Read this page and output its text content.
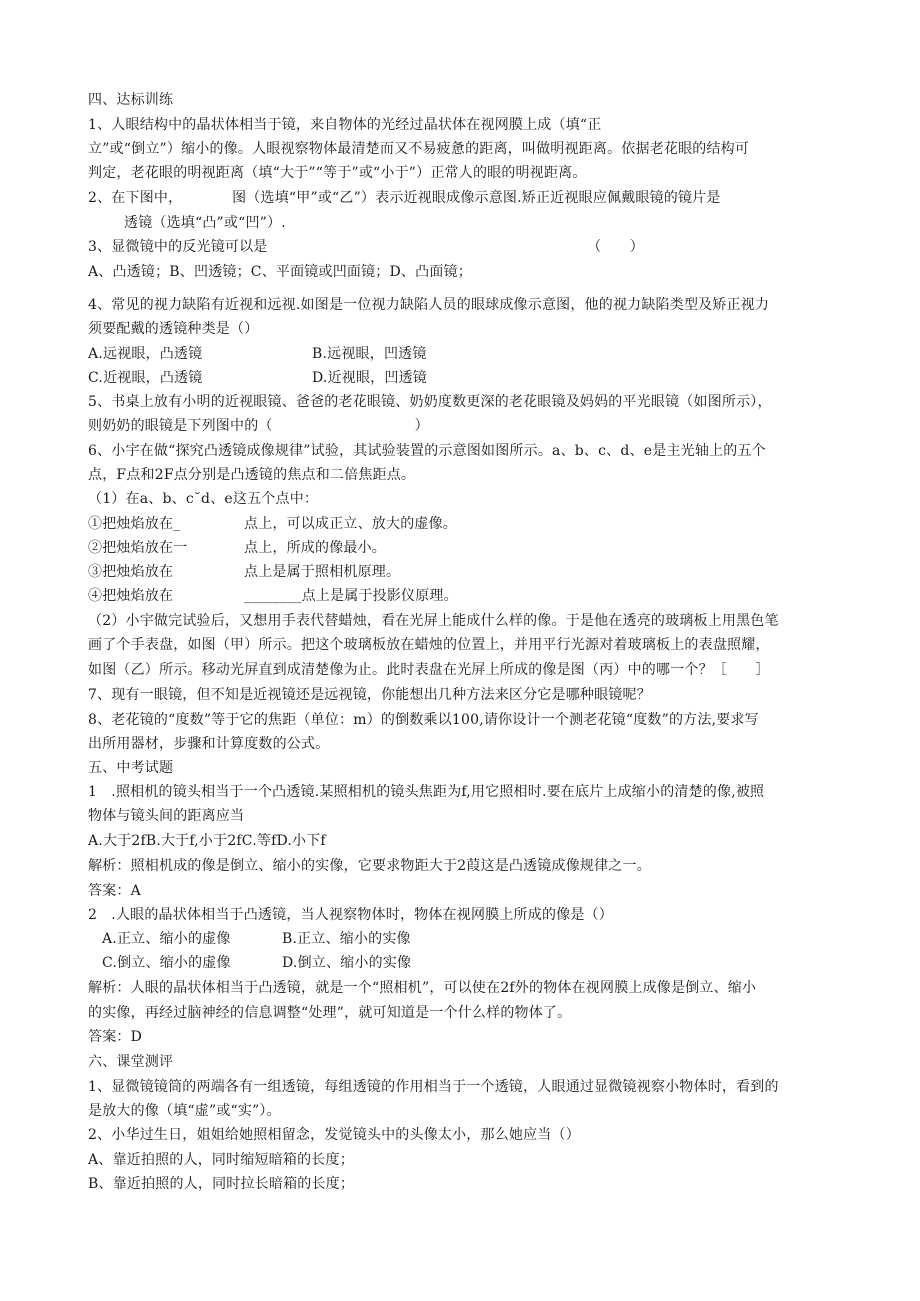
四、达标训练
1、人眼结构中的晶状体相当于镜，来自物体的光经过晶状体在视网膜上成（填“正
立”或“倒立”）缩小的像。人眼视察物体最清楚而又不易疲惫的距离，叫做明视距离。依据老花眼的结构可
判定，老花眼的明视距离（填“大于”“等于”或“小于”）正常人的眼的明视距离。
2、在下图中，　　　　图（选填“甲”或“乙”）表示近视眼成像示意图.矫正近视眼应佩戴眼镜的镜片是
透镜（选填“凸”或“凹”）.
3、显微镜中的反光镜可以是　　　　　　　　　　　　　　　　　　　　　　　（　　）
A、凸透镜；B、凹透镜；C、平面镜或凹面镜；D、凸面镜；
4、常见的视力缺陷有近视和远视.如图是一位视力缺陷人员的眼球成像示意图，他的视力缺陷类型及矫正视力
须要配戴的透镜种类是（）
A.远视眼，凸透镜	B.远视眼，凹透镜
C.近视眼，凸透镜	D.近视眼，凹透镜
5、书桌上放有小明的近视眼镜、爸爸的老花眼镜、奶奶度数更深的老花眼镜及妈妈的平光眼镜（如图所示），
则奶奶的眼镜是下列图中的（　　　　　　　　　　）
6、小宇在做“探究凸透镜成像规律”试验，其试验装置的示意图如图所示。a、b、c、d、e是主光轴上的五个
点，F点和2F点分别是凸透镜的焦点和二倍焦距点。
（1）在a、b、c˘d、e这五个点中：
①把烛焰放在_	点上，可以成正立、放大的虚像。
②把烛焰放在一	点上，所成的像最小。
③把烛焰放在	点上是属于照相机原理。
④把烛焰放在	________点上是属于投影仪原理。
（2）小宇做完试验后，又想用手表代替蜡烛，看在光屏上能成什么样的像。于是他在透亮的玻璃板上用黑色笔
画了个手表盘，如图（甲）所示。把这个玻璃板放在蜡烛的位置上，并用平行光源对着玻璃板上的表盘照耀，
如图（乙）所示。移动光屏直到成清楚像为止。此时表盘在光屏上所成的像是图（丙）中的哪一个？［　　］
7、现有一眼镜，但不知是近视镜还是远视镜，你能想出几种方法来区分它是哪种眼镜呢？
8、老花镜的“度数”等于它的焦距（单位：m）的倒数乘以100,请你设计一个测老花镜“度数”的方法,要求写
出所用器材，步骤和计算度数的公式。
五、中考试题
1　.照相机的镜头相当于一个凸透镜.某照相机的镜头焦距为f,用它照相时.要在底片上成缩小的清楚的像,被照
物体与镜头间的距离应当
A.大于2fB.大于f,小于2fC.等fD.小下f
解析：照相机成的像是倒立、缩小的实像，它要求物距大于2葭这是凸透镜成像规律之一。
答案：A
2　.人眼的晶状体相当于凸透镜，当人视察物体时，物体在视网膜上所成的像是（）
A.正立、缩小的虚像	B.正立、缩小的实像
C.倒立、缩小的虚像	D.倒立、缩小的实像
解析：人眼的晶状体相当于凸透镜，就是一个“照相机”，可以使在2f外的物体在视网膜上成像是倒立、缩小
的实像，再经过脑神经的信息调整“处理”，就可知道是一个什么样的物体了。
答案：D
六、课堂测评
1、显微镜镜筒的两端各有一组透镜，每组透镜的作用相当于一个透镜，人眼通过显微镜视察小物体时，看到的
是放大的像（填“虚”或“实”）。
2、小华过生日，姐姐给她照相留念，发觉镜头中的头像太小，那么她应当（）
A、靠近拍照的人，同时缩短暗箱的长度；
B、靠近拍照的人，同时拉长暗箱的长度；
